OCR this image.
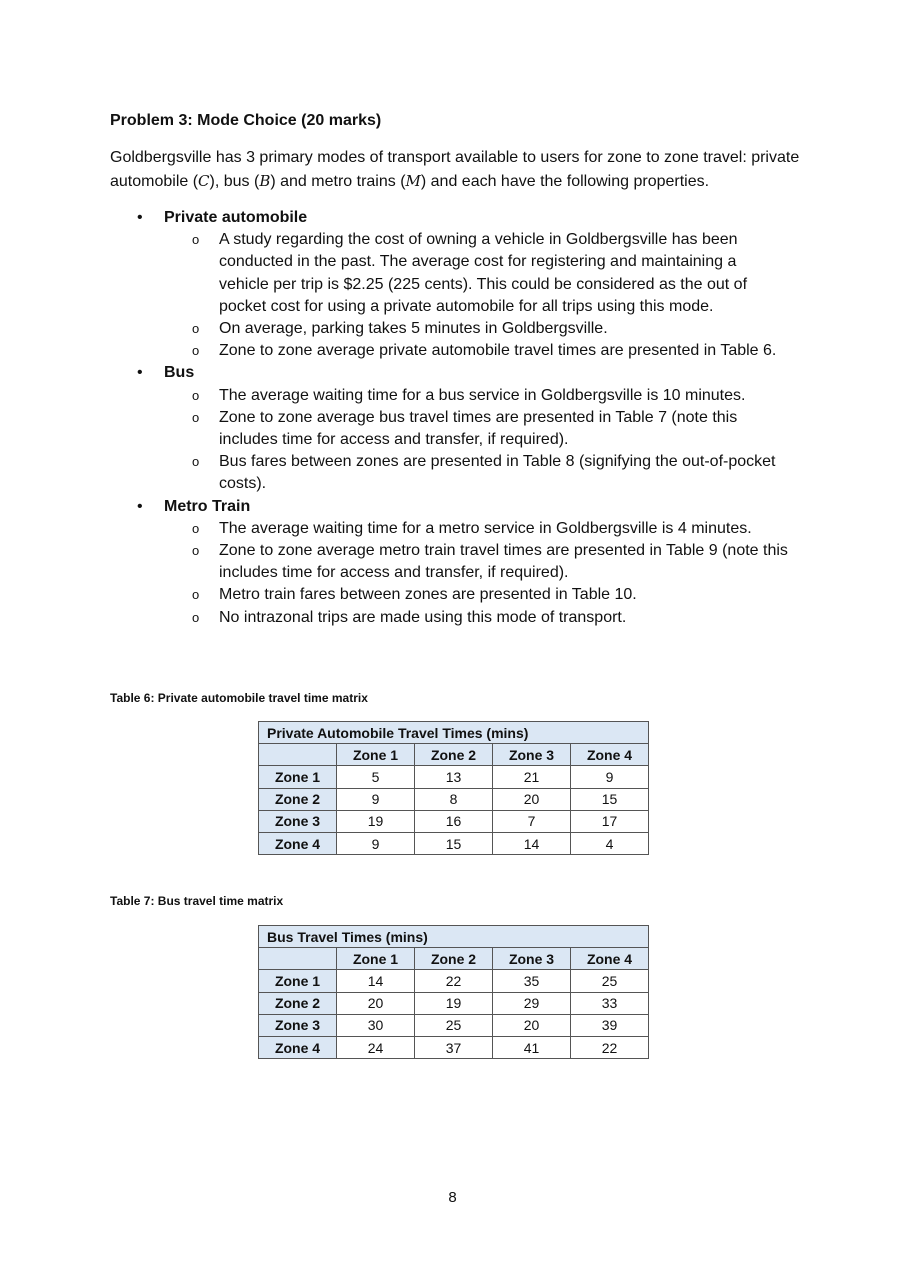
Problem 3: Mode Choice (20 marks)
Goldbergsville has 3 primary modes of transport available to users for zone to zone travel: private automobile (C), bus (B) and metro trains (M) and each have the following properties.
• Private automobile
o A study regarding the cost of owning a vehicle in Goldbergsville has been conducted in the past. The average cost for registering and maintaining a vehicle per trip is $2.25 (225 cents). This could be considered as the out of pocket cost for using a private automobile for all trips using this mode.
o On average, parking takes 5 minutes in Goldbergsville.
o Zone to zone average private automobile travel times are presented in Table 6.
• Bus
o The average waiting time for a bus service in Goldbergsville is 10 minutes.
o Zone to zone average bus travel times are presented in Table 7 (note this includes time for access and transfer, if required).
o Bus fares between zones are presented in Table 8 (signifying the out-of-pocket costs).
• Metro Train
o The average waiting time for a metro service in Goldbergsville is 4 minutes.
o Zone to zone average metro train travel times are presented in Table 9 (note this includes time for access and transfer, if required).
o Metro train fares between zones are presented in Table 10.
o No intrazonal trips are made using this mode of transport.
Table 6: Private automobile travel time matrix
Private Automobile Travel Times (mins)				
	Zone 1	Zone 2	Zone 3	Zone 4
Zone 1	5	13	21	9
Zone 2	9	8	20	15
Zone 3	19	16	7	17
Zone 4	9	15	14	4
Table 7: Bus travel time matrix
Bus Travel Times (mins)				
	Zone 1	Zone 2	Zone 3	Zone 4
Zone 1	14	22	35	25
Zone 2	20	19	29	33
Zone 3	30	25	20	39
Zone 4	24	37	41	22
8
